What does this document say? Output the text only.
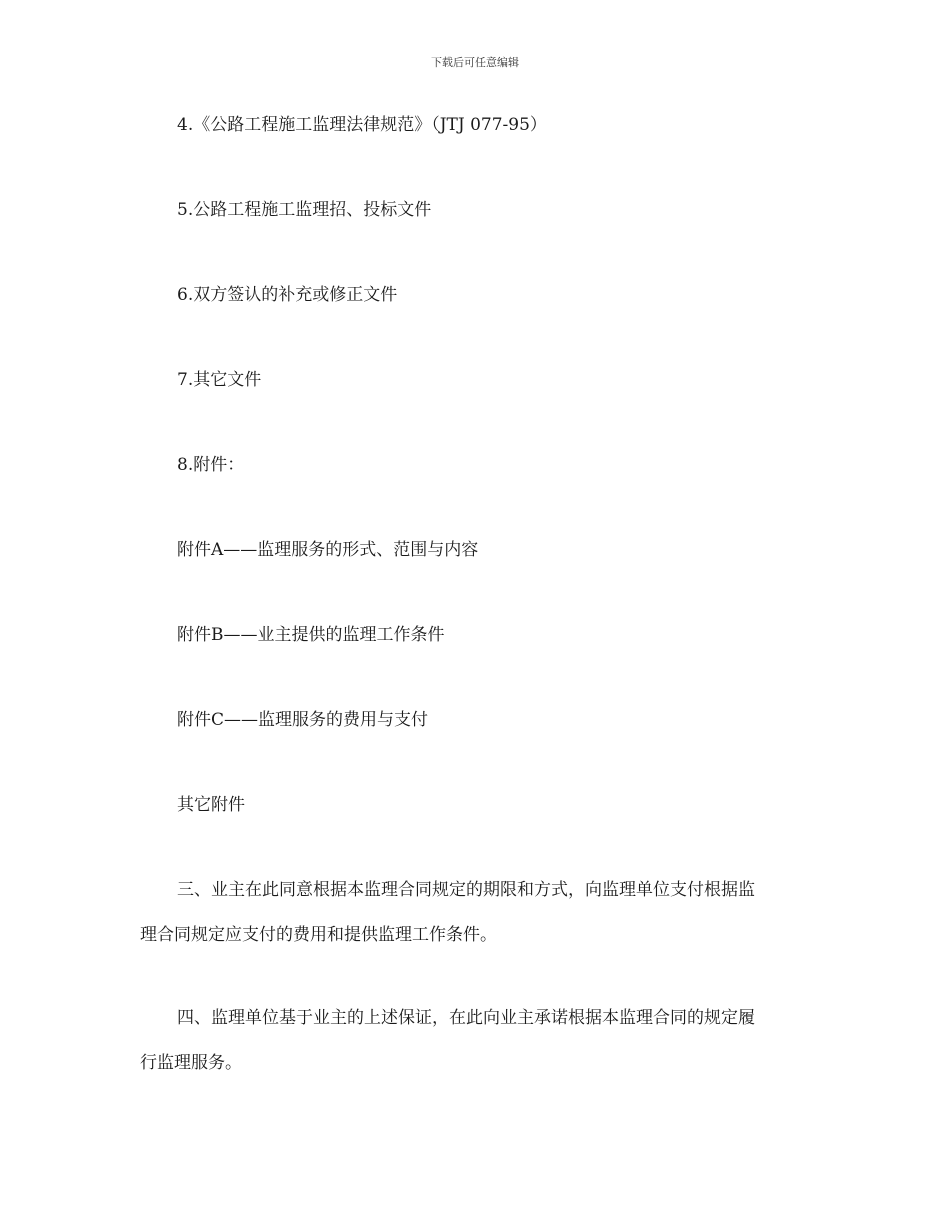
下载后可任意编辑
4.《公路工程施工监理法律规范》（JTJ 077-95）
5.公路工程施工监理招、投标文件
6.双方签认的补充或修正文件
7.其它文件
8.附件：
附件A——监理服务的形式、范围与内容
附件B——业主提供的监理工作条件
附件C——监理服务的费用与支付
其它附件
三、业主在此同意根据本监理合同规定的期限和方式，向监理单位支付根据监
理合同规定应支付的费用和提供监理工作条件。
四、监理单位基于业主的上述保证，在此向业主承诺根据本监理合同的规定履
行监理服务。
